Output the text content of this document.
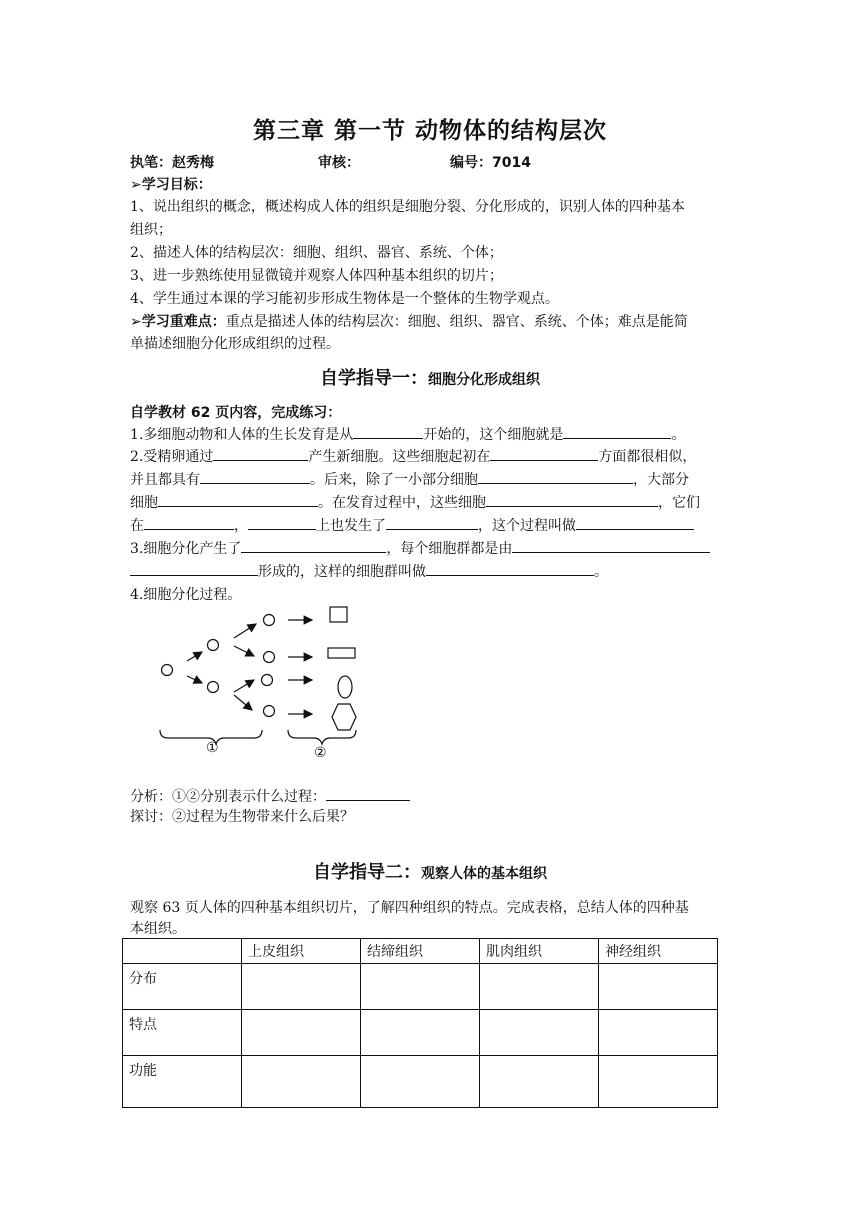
第三章 第一节 动物体的结构层次
执笔：赵秀梅	审核：	编号：7014
➢学习目标：
1、说出组织的概念，概述构成人体的组织是细胞分裂、分化形成的，识别人体的四种基本
组织；
2、描述人体的结构层次：细胞、组织、器官、系统、个体；
3、进一步熟练使用显微镜并观察人体四种基本组织的切片；
4、学生通过本课的学习能初步形成生物体是一个整体的生物学观点。
➢学习重难点：重点是描述人体的结构层次：细胞、组织、器官、系统、个体；难点是能简
单描述细胞分化形成组织的过程。
自学指导一：细胞分化形成组织
自学教材 62 页内容，完成练习：
1.多细胞动物和人体的生长发育是从	开始的，这个细胞就是	。
2.受精卵通过	产生新细胞。这些细胞起初在	方面都很相似，
并且都具有	。后来，除了一小部分细胞	，大部分
细胞	。在发育过程中，这些细胞	，它们
在	，	上也发生了	，这个过程叫做
3.细胞分化产生了	，每个细胞群都是由
形成的，这样的细胞群叫做	。
4.细胞分化过程。
①	②
分析：①②分别表示什么过程：
探讨：②过程为生物带来什么后果？
自学指导二：观察人体的基本组织
观察 63 页人体的四种基本组织切片，了解四种组织的特点。完成表格，总结人体的四种基
本组织。
	上皮组织	结缔组织	肌肉组织	神经组织
分布				
特点				
功能				
